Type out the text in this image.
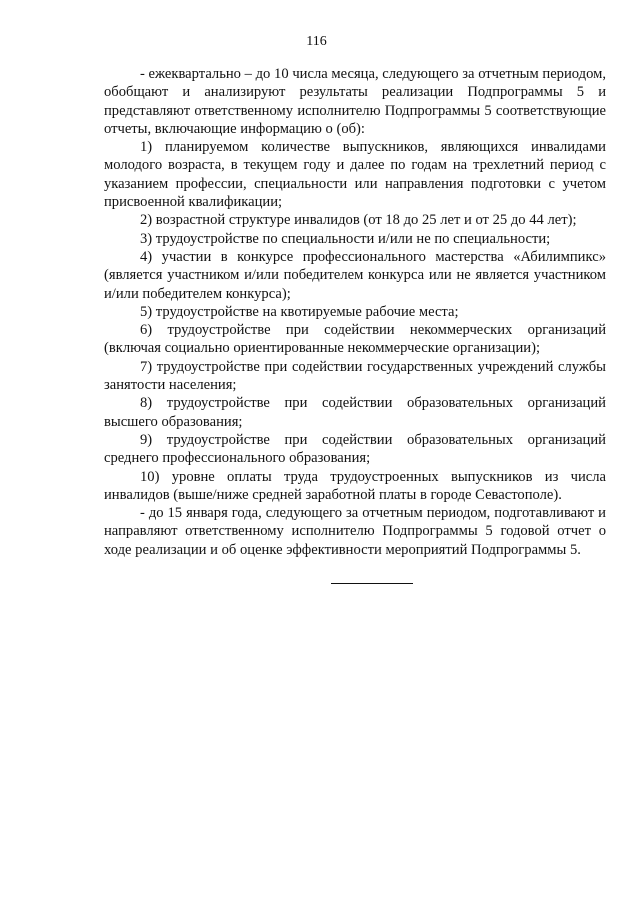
116

- ежеквартально – до 10 числа месяца, следующего за отчетным периодом, обобщают и анализируют результаты реализации Подпрограммы 5 и представляют ответственному исполнителю Подпрограммы 5 соответствующие отчеты, включающие информацию о (об):

1) планируемом количестве выпускников, являющихся инвалидами молодого возраста, в текущем году и далее по годам на трехлетний период с указанием профессии, специальности или направления подготовки с учетом присвоенной квалификации;

2) возрастной структуре инвалидов (от 18 до 25 лет и от 25 до 44 лет);

3) трудоустройстве по специальности и/или не по специальности;

4) участии в конкурсе профессионального мастерства «Абилимпикс» (является участником и/или победителем конкурса или не является участником и/или победителем конкурса);

5) трудоустройстве на квотируемые рабочие места;

6) трудоустройстве при содействии некоммерческих организаций (включая социально ориентированные некоммерческие организации);

7) трудоустройстве при содействии государственных учреждений службы занятости населения;

8) трудоустройстве при содействии образовательных организаций высшего образования;

9) трудоустройстве при содействии образовательных организаций среднего профессионального образования;

10) уровне оплаты труда трудоустроенных выпускников из числа инвалидов (выше/ниже средней заработной платы в городе Севастополе).

- до 15 января года, следующего за отчетным периодом, подготавливают и направляют ответственному исполнителю Подпрограммы 5 годовой отчет о ходе реализации и об оценке эффективности мероприятий Подпрограммы 5.
